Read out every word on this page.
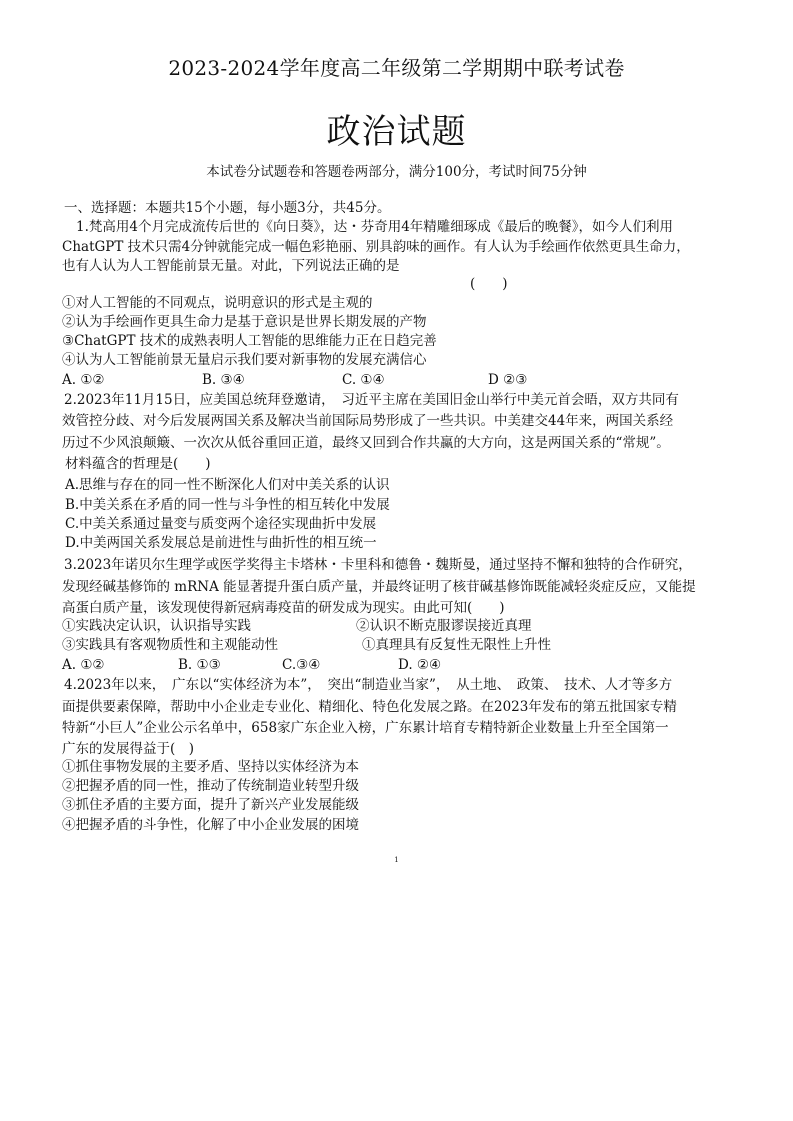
2023-2024学年度高二年级第二学期期中联考试卷
政治试题
本试卷分试题卷和答题卷两部分，满分100分，考试时间75分钟
一、选择题：本题共15个小题，每小题3分，共45分。
1.梵高用4个月完成流传后世的《向日葵》，达・芬奇用4年精雕细琢成《最后的晚餐》，如今人们利用
ChatGPT 技术只需4分钟就能完成一幅色彩艳丽、别具韵味的画作。有人认为手绘画作依然更具生命力，
也有人认为人工智能前景无量。对此，下列说法正确的是
(　　)
①对人工智能的不同观点，说明意识的形式是主观的
②认为手绘画作更具生命力是基于意识是世界长期发展的产物
③ChatGPT 技术的成熟表明人工智能的思维能力正在日趋完善
④认为人工智能前景无量启示我们要对新事物的发展充满信心
A. ①②	B. ③④	C. ①④	D ②③
2.2023年11月15日，应美国总统拜登邀请，　习近平主席在美国旧金山举行中美元首会晤，双方共同有
效管控分歧、对今后发展两国关系及解决当前国际局势形成了一些共识。中美建交44年来，两国关系经
历过不少风浪颠簸、一次次从低谷重回正道，最终又回到合作共赢的大方向，这是两国关系的“常规”。
材料蕴含的哲理是(　　)
A.思维与存在的同一性不断深化人们对中美关系的认识
B.中美关系在矛盾的同一性与斗争性的相互转化中发展
C.中美关系通过量变与质变两个途径实现曲折中发展
D.中美两国关系发展总是前进性与曲折性的相互统一
3.2023年诺贝尔生理学或医学奖得主卡塔林・卡里科和德鲁・魏斯曼，通过坚持不懈和独特的合作研究，
发现经碱基修饰的 mRNA 能显著提升蛋白质产量，并最终证明了核苷碱基修饰既能减轻炎症反应，又能提
高蛋白质产量，该发现使得新冠病毒疫苗的研发成为现实。由此可知(　　)
①实践决定认识，认识指导实践	②认识不断克服谬误接近真理
③实践具有客观物质性和主观能动性	①真理具有反复性无限性上升性
A. ①②	B. ①③	C.③④	D. ②④
4.2023年以来，　广东以“实体经济为本”，　突出“制造业当家”，　从土地、　政策、　技术、人才等多方
面提供要素保障，帮助中小企业走专业化、精细化、特色化发展之路。在2023年发布的第五批国家专精
特新“小巨人”企业公示名单中，658家广东企业入榜，广东累计培育专精特新企业数量上升至全国第一
广东的发展得益于(　)
①抓住事物发展的主要矛盾、坚持以实体经济为本
②把握矛盾的同一性，推动了传统制造业转型升级
③抓住矛盾的主要方面，提升了新兴产业发展能级
④把握矛盾的斗争性，化解了中小企业发展的困境
1
